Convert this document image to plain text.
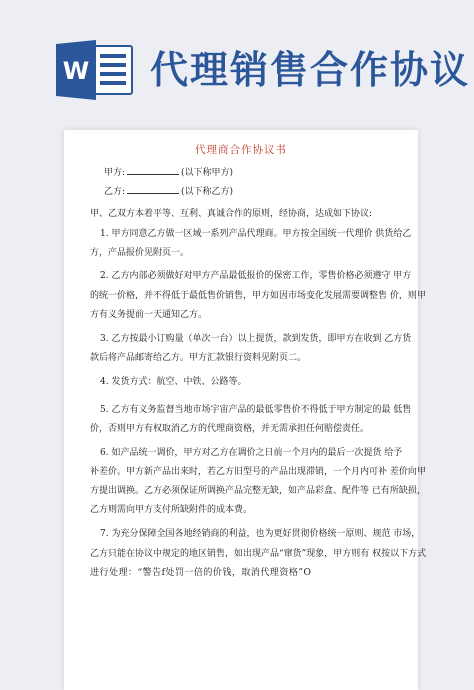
W 代理销售合作协议
代理商合作协议书
甲方:	(以下称甲方)
乙方:	(以下称乙方)
甲、乙双方本着平等、互利、真诚合作的原则，经协商，达成如下协议:
1. 甲方同意乙方做一区域一系列产品代理商。甲方按全国统一代理价 供货给乙
方，产品报价见附页一。
2. 乙方内部必须做好对甲方产品最低报价的保密工作，零售价格必须遵守 甲方
的统一价格，并不得低于最低售价销售，甲方如因市场变化发展需要调整售 价，则甲
方有义务提前一天通知乙方。
3. 乙方按最小订购量（单次一台）以上提货，款到发货，即甲方在收到 乙方货
款后将产品邮寄给乙方。甲方汇款银行资料见附页二。
4. 发货方式：航空、中铁、公路等。
5. 乙方有义务监督当地市场宇宙产品的最低零售价不得低于甲方制定的最 低售
价，否则甲方有权取消乙方的代理商资格，并无需承担任何赔偿责任。
6. 如产品统一调价，甲方对乙方在调价之日前一个月内的最后一次提货 给予
补差价。甲方新产品出来时，若乙方旧型号的产品出现滞销，一个月内可补 差价向甲
方提出调换。乙方必须保证所调换产品完整无缺，如产品彩盒、配件等 已有所缺损，
乙方则需向甲方支付所缺附件的成本费。
7. 为充分保障全国各地经销商的利益，也为更好贯彻价格统一原则、规范 市场，
乙方只能在协议中规定的地区销售，如出现产品“窜货”现象，甲方则有 权按以下方式
进行处理：“警告f处罚一倍的价钱，取消代理资格”O
